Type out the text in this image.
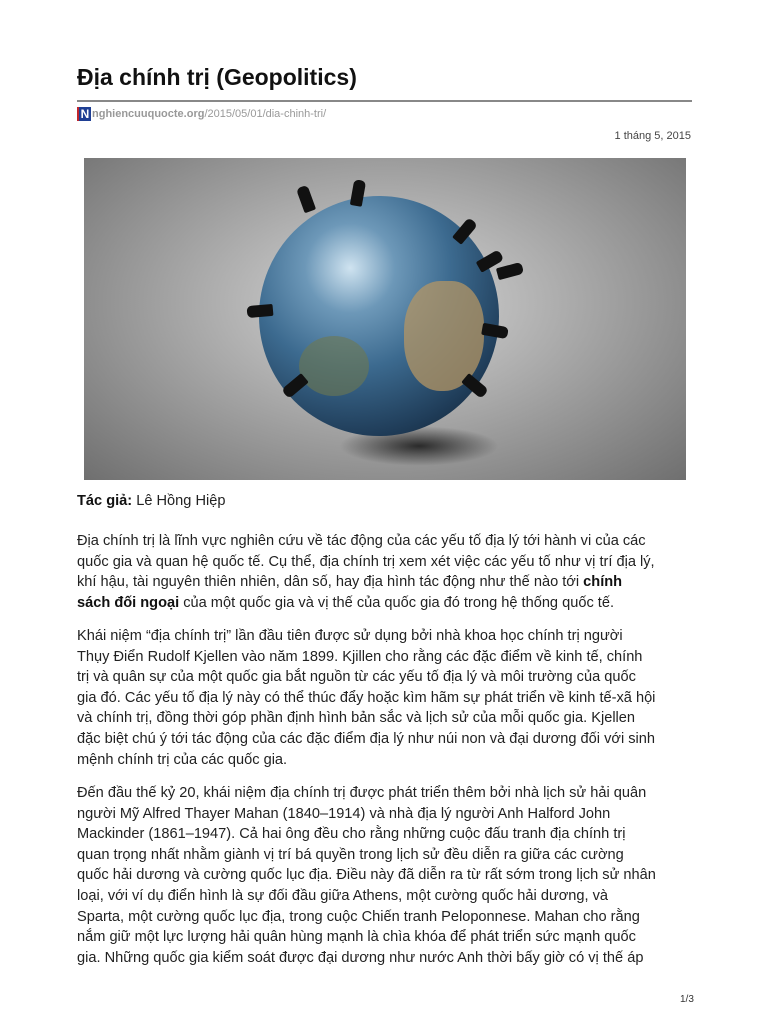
Địa chính trị (Geopolitics)
N nghiencuuquocte.org /2015/05/01/dia-chinh-tri/
1 tháng 5, 2015

Tác giả: Lê Hồng Hiệp

Địa chính trị là lĩnh vực nghiên cứu về tác động của các yếu tố địa lý tới hành vi của các

quốc gia và quan hệ quốc tế. Cụ thể, địa chính trị xem xét việc các yếu tố như vị trí địa lý,

khí hậu, tài nguyên thiên nhiên, dân số, hay địa hình tác động như thế nào tới chính

sách đối ngoại của một quốc gia và vị thế của quốc gia đó trong hệ thống quốc tế.

Khái niệm “địa chính trị” lần đầu tiên được sử dụng bởi nhà khoa học chính trị người

Thụy Điển Rudolf Kjellen vào năm 1899. Kjillen cho rằng các đặc điểm về kinh tế, chính

trị và quân sự của một quốc gia bắt nguồn từ các yếu tố địa lý và môi trường của quốc

gia đó. Các yếu tố địa lý này có thể thúc đẩy hoặc kìm hãm sự phát triển về kinh tế-xã hội

và chính trị, đồng thời góp phần định hình bản sắc và lịch sử của mỗi quốc gia. Kjellen

đặc biệt chú ý tới tác động của các đặc điểm địa lý như núi non và đại dương đối với sinh

mệnh chính trị của các quốc gia.

Đến đầu thế kỷ 20, khái niệm địa chính trị được phát triển thêm bởi nhà lịch sử hải quân

người Mỹ Alfred Thayer Mahan (1840–1914) và nhà địa lý người Anh Halford John

Mackinder (1861–1947). Cả hai ông đều cho rằng những cuộc đấu tranh địa chính trị

quan trọng nhất nhằm giành vị trí bá quyền trong lịch sử đều diễn ra giữa các cường

quốc hải dương và cường quốc lục địa. Điều này đã diễn ra từ rất sớm trong lịch sử nhân

loại, với ví dụ điển hình là sự đối đầu giữa Athens, một cường quốc hải dương, và

Sparta, một cường quốc lục địa, trong cuộc Chiến tranh Peloponnese. Mahan cho rằng

nắm giữ một lực lượng hải quân hùng mạnh là chìa khóa để phát triển sức mạnh quốc

gia. Những quốc gia kiểm soát được đại dương như nước Anh thời bấy giờ có vị thế áp

1/3
